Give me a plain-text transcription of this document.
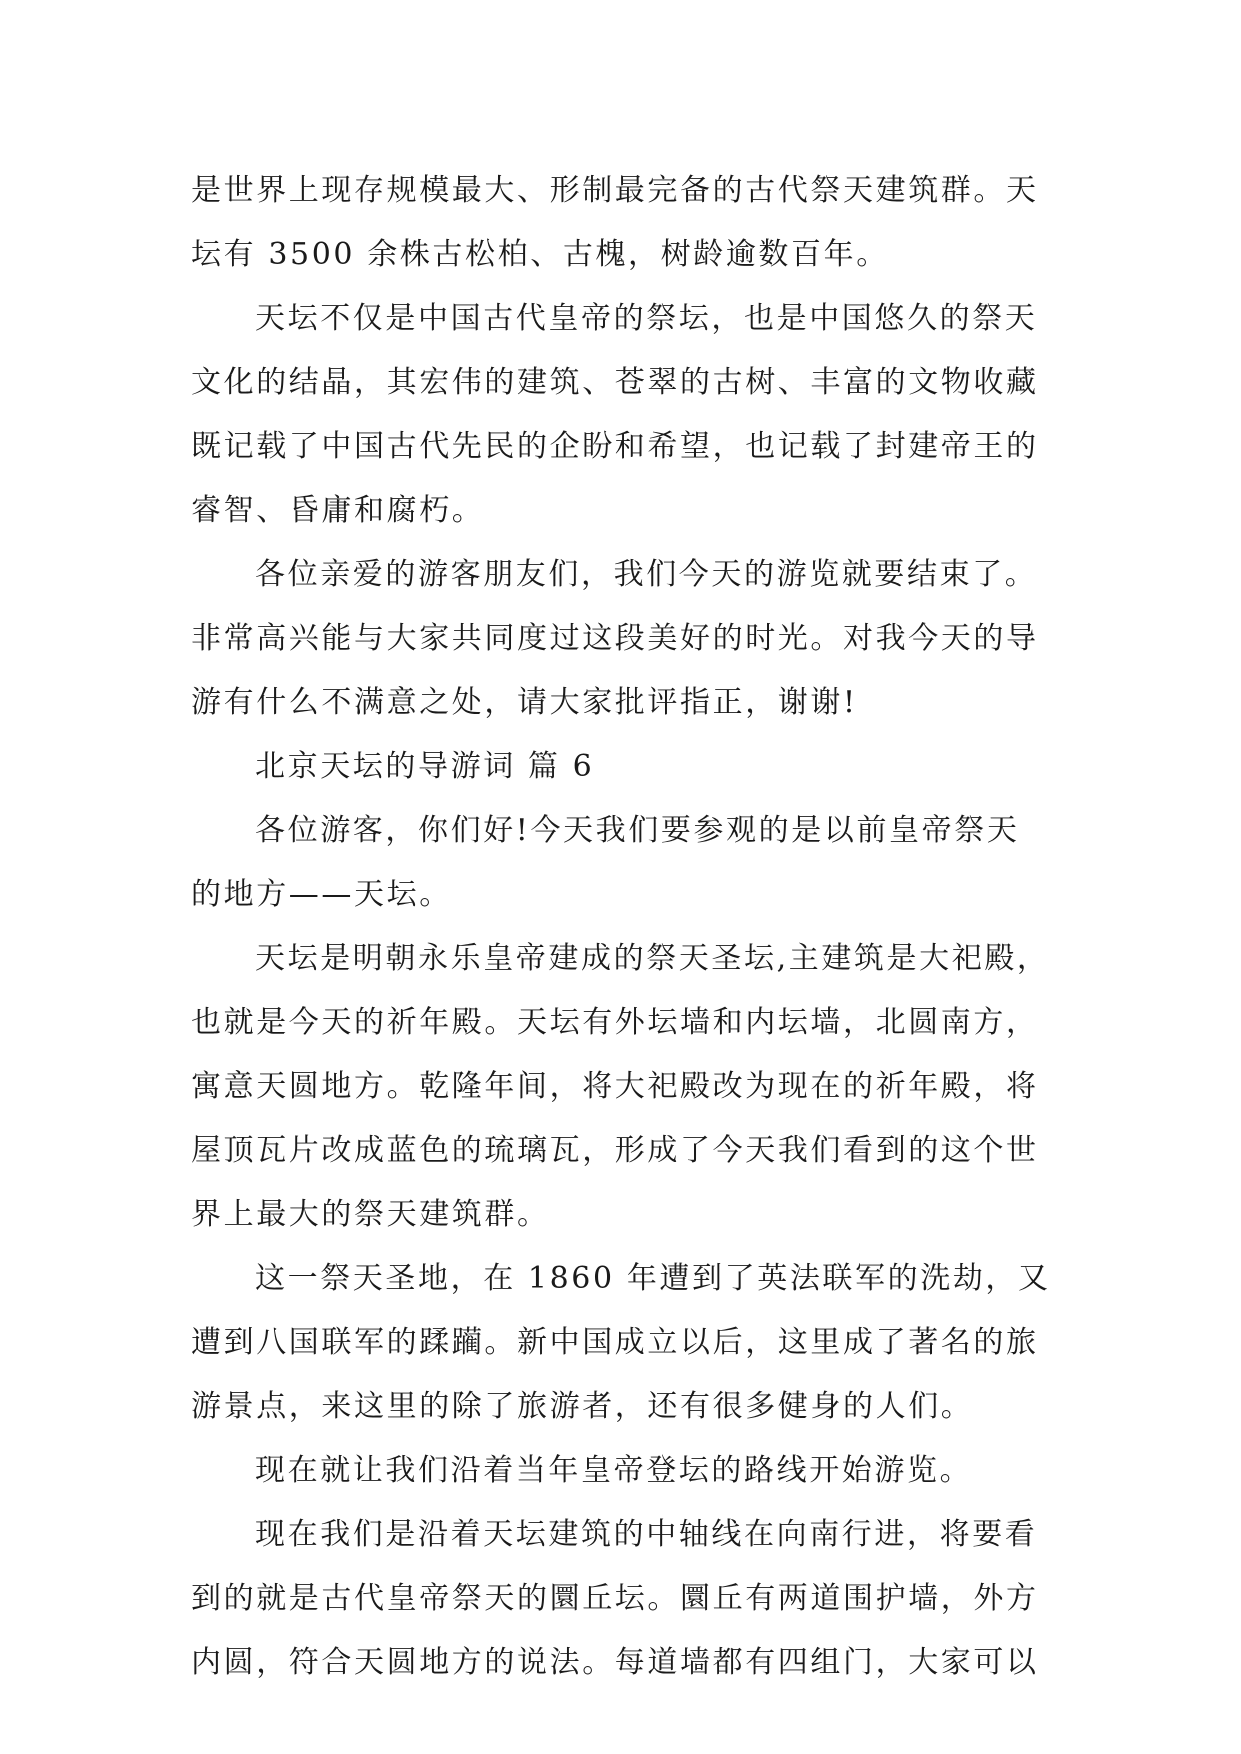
是世界上现存规模最大、形制最完备的古代祭天建筑群。天
坛有 3500 余株古松柏、古槐，树龄逾数百年。
天坛不仅是中国古代皇帝的祭坛，也是中国悠久的祭天
文化的结晶，其宏伟的建筑、苍翠的古树、丰富的文物收藏
既记载了中国古代先民的企盼和希望，也记载了封建帝王的
睿智、昏庸和腐朽。
各位亲爱的游客朋友们，我们今天的游览就要结束了。
非常高兴能与大家共同度过这段美好的时光。对我今天的导
游有什么不满意之处，请大家批评指正，谢谢!
北京天坛的导游词 篇 6
各位游客，你们好!今天我们要参观的是以前皇帝祭天
的地方——天坛。
天坛是明朝永乐皇帝建成的祭天圣坛,主建筑是大祀殿，
也就是今天的祈年殿。天坛有外坛墙和内坛墙，北圆南方，
寓意天圆地方。乾隆年间，将大祀殿改为现在的祈年殿，将
屋顶瓦片改成蓝色的琉璃瓦，形成了今天我们看到的这个世
界上最大的祭天建筑群。
这一祭天圣地，在 1860 年遭到了英法联军的洗劫，又
遭到八国联军的蹂躏。新中国成立以后，这里成了著名的旅
游景点，来这里的除了旅游者，还有很多健身的人们。
现在就让我们沿着当年皇帝登坛的路线开始游览。
现在我们是沿着天坛建筑的中轴线在向南行进，将要看
到的就是古代皇帝祭天的圜丘坛。圜丘有两道围护墙，外方
内圆，符合天圆地方的说法。每道墙都有四组门，大家可以
